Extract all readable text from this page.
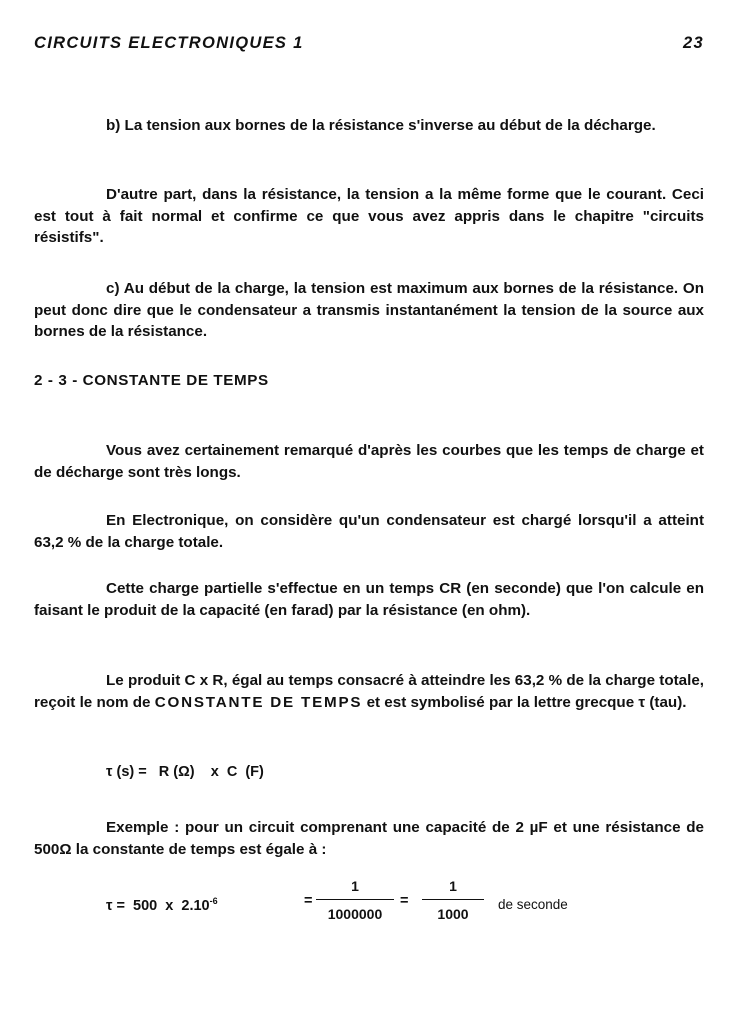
CIRCUITS ELECTRONIQUES 1	23

b) La tension aux bornes de la résistance s'inverse au début de la décharge.

D'autre part, dans la résistance, la tension a la même forme que le courant. Ceci est tout à fait normal et confirme ce que vous avez appris dans le chapitre "circuits résistifs".

c) Au début de la charge, la tension est maximum aux bornes de la résistance. On peut donc dire que le condensateur a transmis instantanément la tension de la source aux bornes de la résistance.

2 - 3 - CONSTANTE DE TEMPS

Vous avez certainement remarqué d'après les courbes que les temps de charge et de décharge sont très longs.

En Electronique, on considère qu'un condensateur est chargé lorsqu'il a atteint 63,2 % de la charge totale.

Cette charge partielle s'effectue en un temps CR (en seconde) que l'on calcule en faisant le produit de la capacité (en farad) par la résistance (en ohm).

Le produit C x R, égal au temps consacré à atteindre les 63,2 % de la charge totale, reçoit le nom de CONSTANTE DE TEMPS et est symbolisé par la lettre grecque τ (tau).

τ (s) =   R (Ω)    x  C  (F)

Exemple : pour un circuit comprenant une capacité de 2 µF et une résistance de 500Ω la constante de temps est égale à :

τ =  500  x  $2.10^{-6}$	=
1
1000000
=
1
1000
de seconde
